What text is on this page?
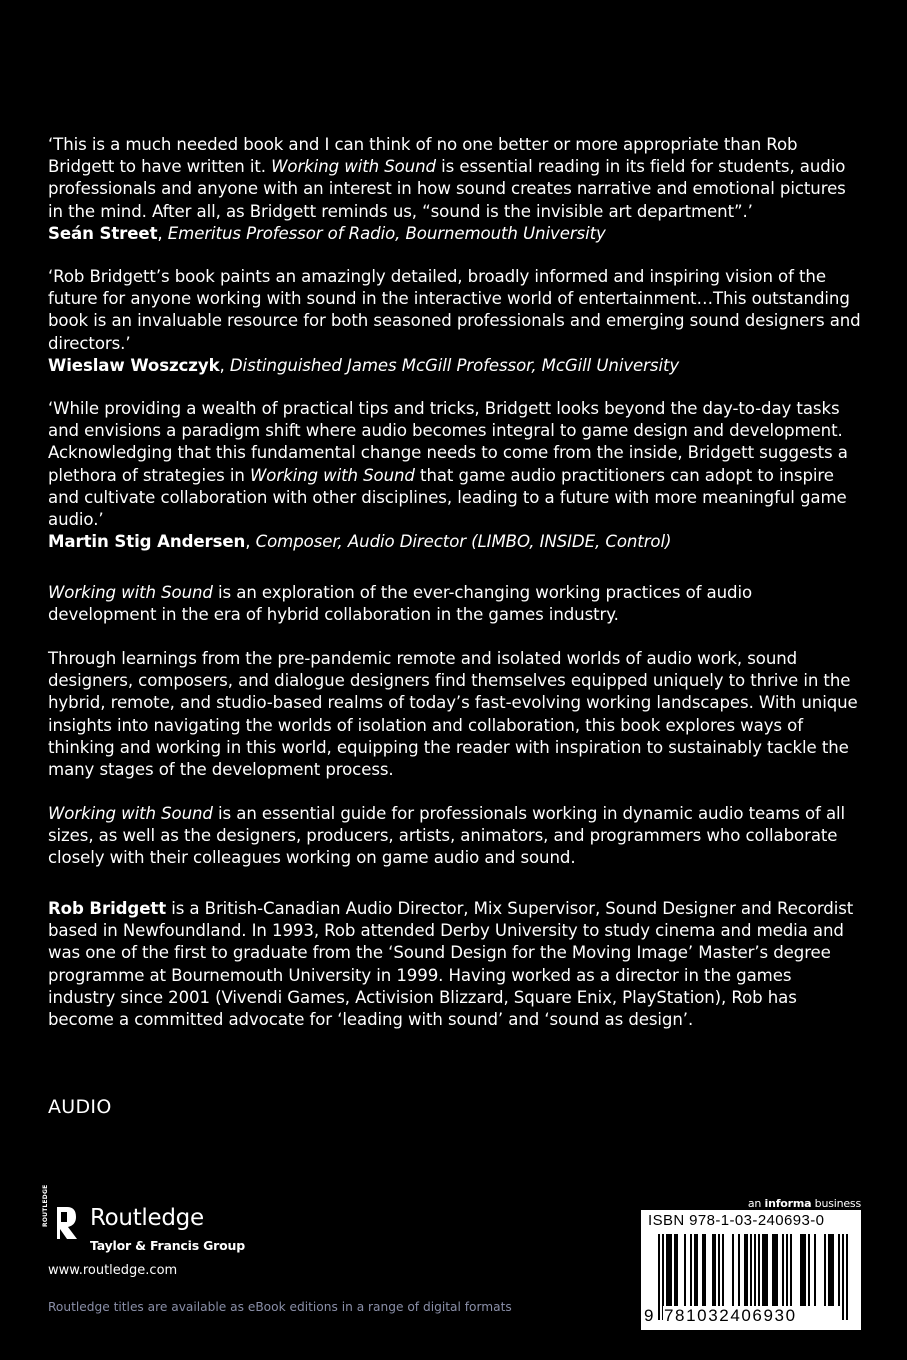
‘This is a much needed book and I can think of no one better or more appropriate than Rob Bridgett to have written it. Working with Sound is essential reading in its field for students, audio professionals and anyone with an interest in how sound creates narrative and emotional pictures in the mind. After all, as Bridgett reminds us, “sound is the invisible art department”.’

Seán Street, Emeritus Professor of Radio, Bournemouth University

‘Rob Bridgett’s book paints an amazingly detailed, broadly informed and inspiring vision of the future for anyone working with sound in the interactive world of entertainment…This outstanding book is an invaluable resource for both seasoned professionals and emerging sound designers and directors.’

Wieslaw Woszczyk, Distinguished James McGill Professor, McGill University

‘While providing a wealth of practical tips and tricks, Bridgett looks beyond the day-to-day tasks and envisions a paradigm shift where audio becomes integral to game design and development. Acknowledging that this fundamental change needs to come from the inside, Bridgett suggests a plethora of strategies in Working with Sound that game audio practitioners can adopt to inspire and cultivate collaboration with other disciplines, leading to a future with more meaningful game audio.’

Martin Stig Andersen, Composer, Audio Director (LIMBO, INSIDE, Control)

Working with Sound is an exploration of the ever-changing working practices of audio development in the era of hybrid collaboration in the games industry.

Through learnings from the pre-pandemic remote and isolated worlds of audio work, sound designers, composers, and dialogue designers find themselves equipped uniquely to thrive in the hybrid, remote, and studio-based realms of today’s fast-evolving working landscapes. With unique insights into navigating the worlds of isolation and collaboration, this book explores ways of thinking and working in this world, equipping the reader with inspiration to sustainably tackle the many stages of the development process.

Working with Sound is an essential guide for professionals working in dynamic audio teams of all sizes, as well as the designers, producers, artists, animators, and programmers who collaborate closely with their colleagues working on game audio and sound.

Rob Bridgett is a British-Canadian Audio Director, Mix Supervisor, Sound Designer and Recordist based in Newfoundland. In 1993, Rob attended Derby University to study cinema and media and was one of the first to graduate from the ‘Sound Design for the Moving Image’ Master’s degree programme at Bournemouth University in 1999. Having worked as a director in the games industry since 2001 (Vivendi Games, Activision Blizzard, Square Enix, PlayStation), Rob has become a committed advocate for ‘leading with sound’ and ‘sound as design’.

AUDIO
ROUTLEDGE Routledge
Taylor & Francis Group
www.routledge.com
Routledge titles are available as eBook editions in a range of digital formats
an informa business
ISBN 978-1-03-240693-0
9 781032406930
